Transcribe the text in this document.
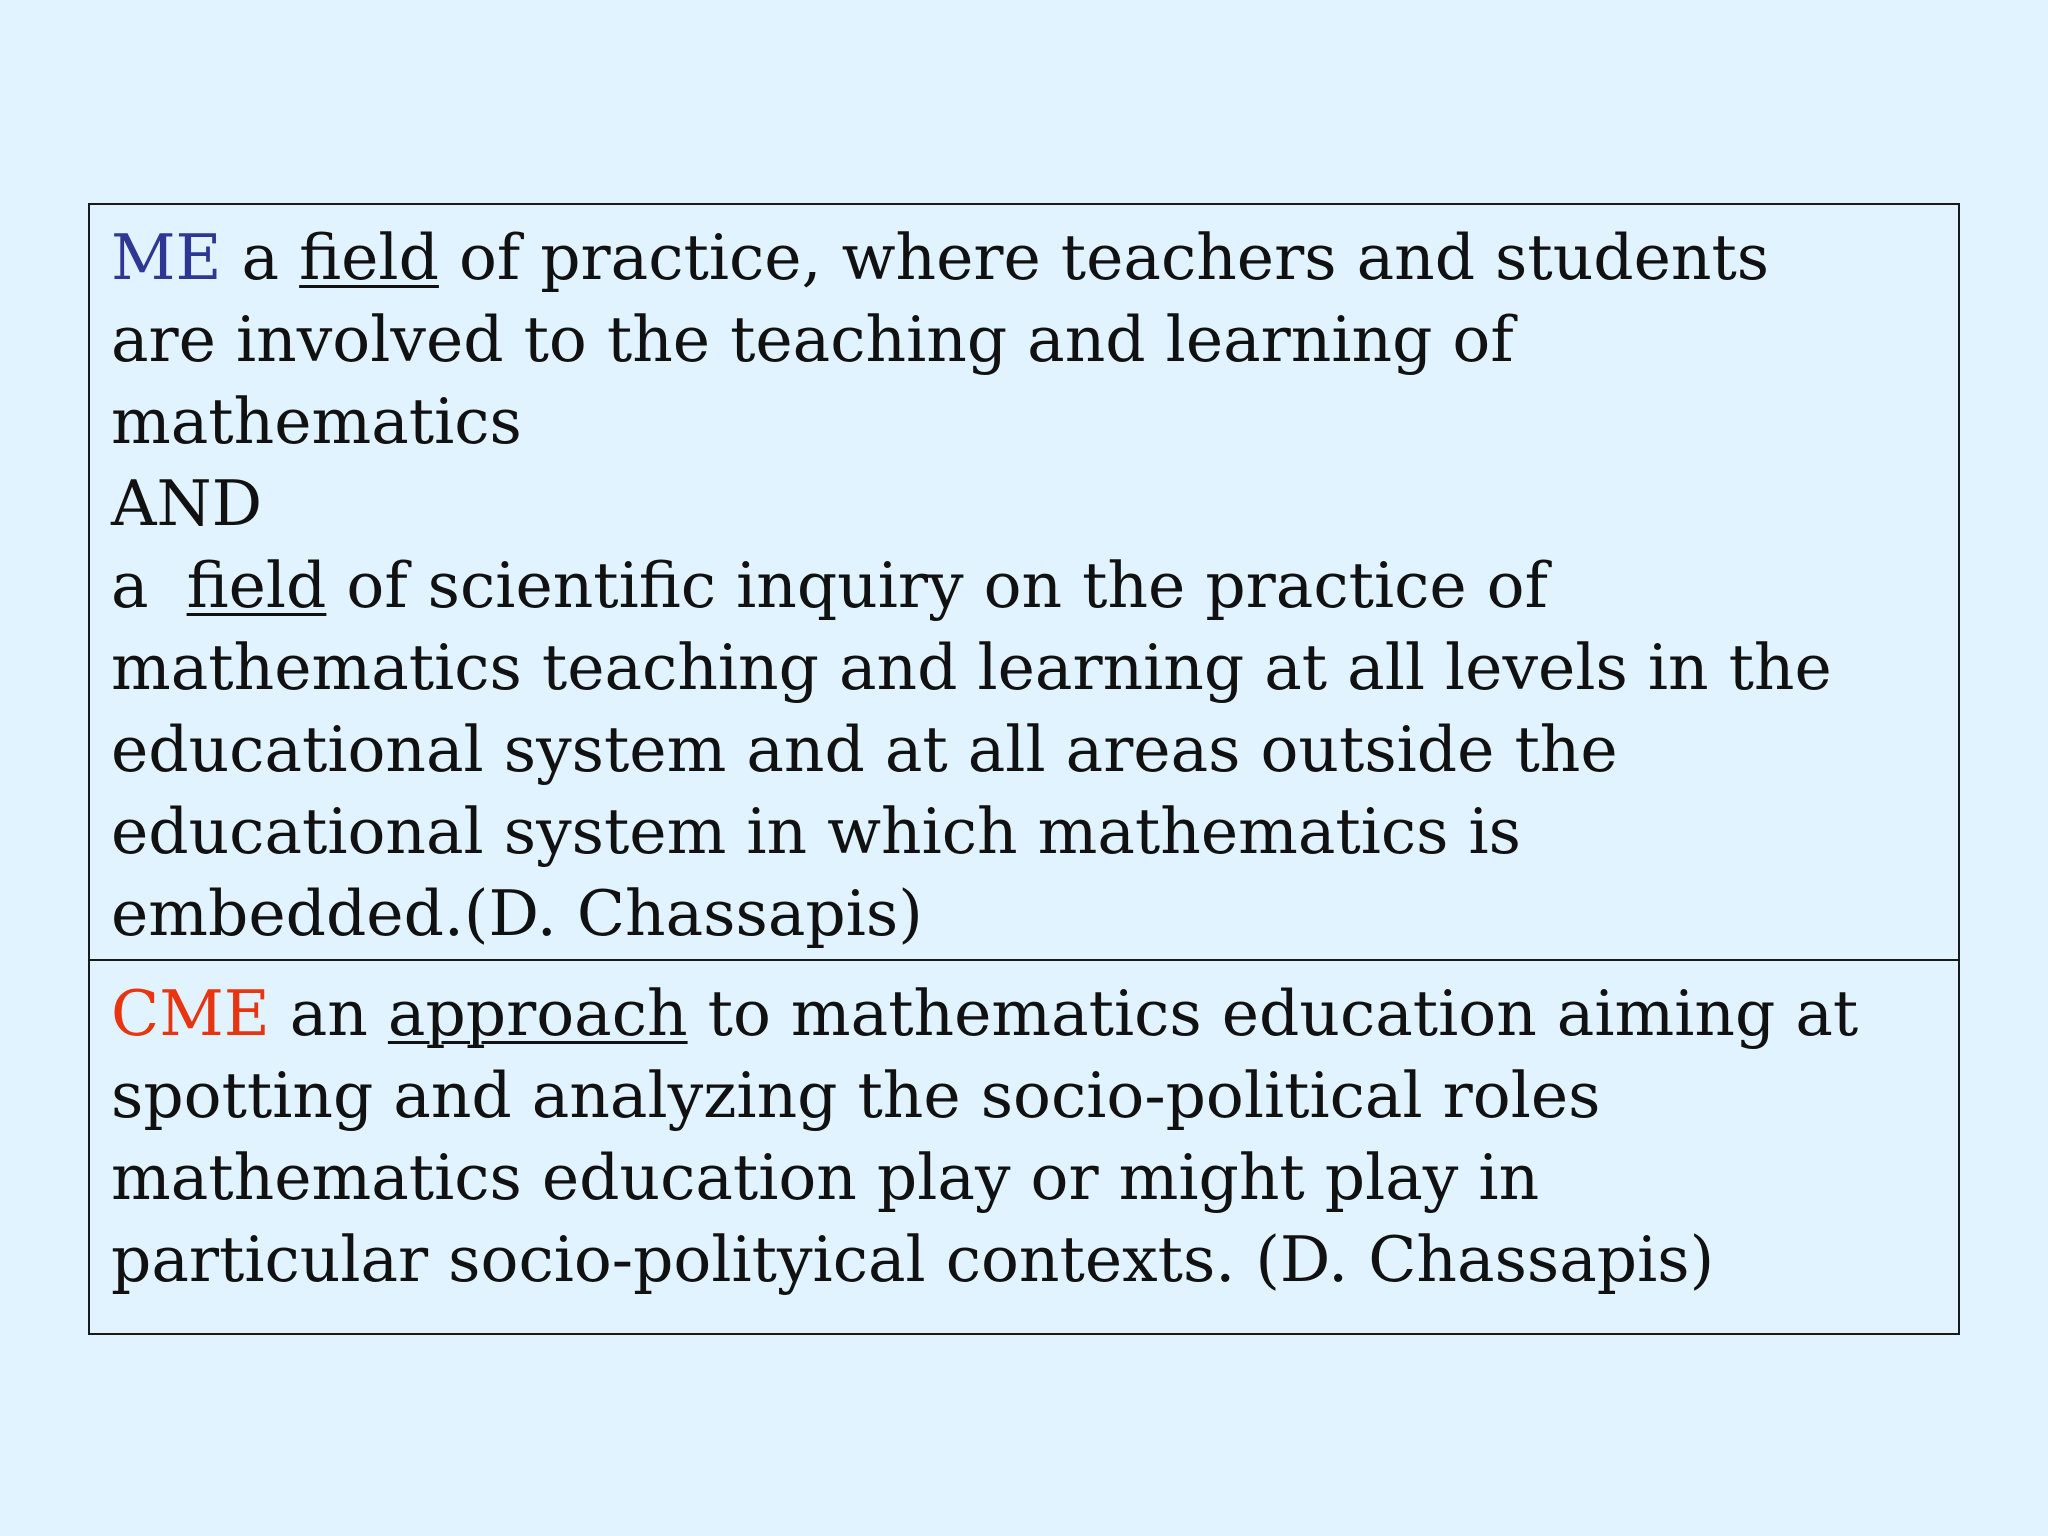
ME a field of practice, where teachers and students
are involved to the teaching and learning of
mathematics
AND
a field of scientific inquiry on the practice of
mathematics teaching and learning at all levels in the
educational system and at all areas outside the
educational system in which mathematics is
embedded.(D. Chassapis)
CME an approach to mathematics education aiming at
spotting and analyzing the socio-political roles
mathematics education play or might play in
particular socio-polityical contexts. (D. Chassapis)
